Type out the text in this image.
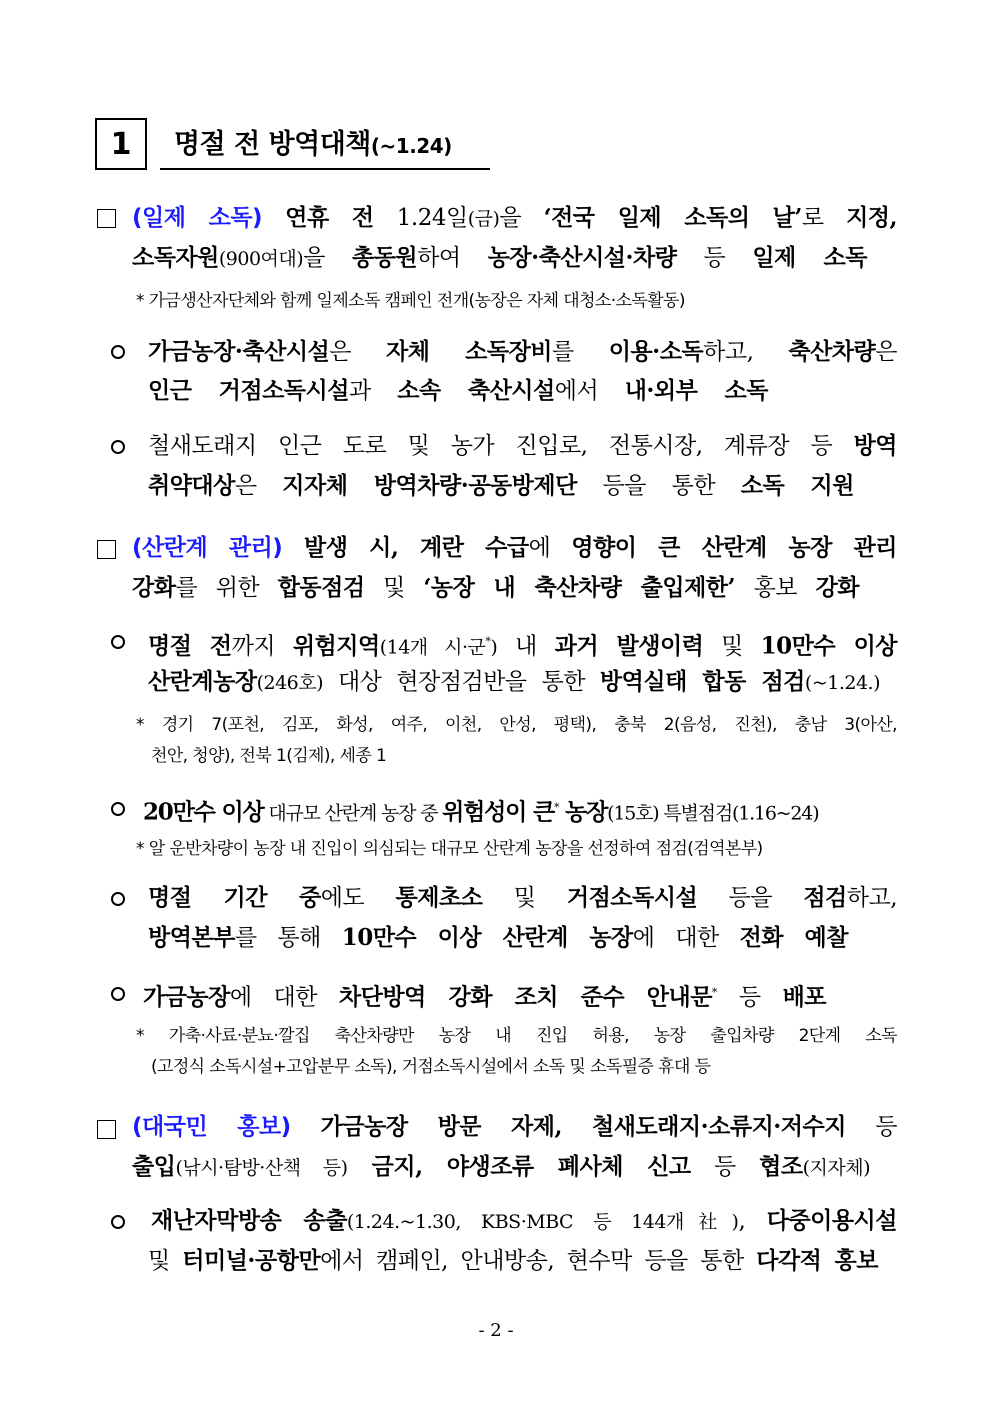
1	명절 전 방역대책(~1.24)
(일제 소독) 연휴 전 1.24일(금)을 ‘전국 일제 소독의 날’로 지정,
소독자원(900여대)을 총동원하여 농장·축산시설·차량 등 일제 소독
* 가금생산자단체와 함께 일제소독 캠페인 전개(농장은 자체 대청소·소독활동)
가금농장·축산시설은 자체 소독장비를 이용·소독하고, 축산차량은
인근 거점소독시설과 소속 축산시설에서 내·외부 소독
철새도래지 인근 도로 및 농가 진입로, 전통시장, 계류장 등 방역
취약대상은 지자체 방역차량·공동방제단 등을 통한 소독 지원
(산란계 관리) 발생 시, 계란 수급에 영향이 큰 산란계 농장 관리
강화를 위한 합동점검 및 ‘농장 내 축산차량 출입제한’ 홍보 강화
명절 전까지 위험지역(14개 시·군*) 내 과거 발생이력 및 10만수 이상
산란계농장(246호) 대상 현장점검반을 통한 방역실태 합동 점검(~1.24.)
* 경기 7(포천, 김포, 화성, 여주, 이천, 안성, 평택), 충북 2(음성, 진천), 충남 3(아산,
천안, 청양), 전북 1(김제), 세종 1
20만수 이상 대규모 산란계 농장 중 위험성이 큰* 농장(15호) 특별점검(1.16~24)
* 알 운반차량이 농장 내 진입이 의심되는 대규모 산란계 농장을 선정하여 점검(검역본부)
명절 기간 중에도 통제초소 및 거점소독시설 등을 점검하고,
방역본부를 통해 10만수 이상 산란계 농장에 대한 전화 예찰
가금농장에 대한 차단방역 강화 조치 준수 안내문* 등 배포
* 가축·사료·분뇨·깔집 축산차량만 농장 내 진입 허용, 농장 출입차량 2단계 소독
(고정식 소독시설+고압분무 소독), 거점소독시설에서 소독 및 소독필증 휴대 등
(대국민 홍보) 가금농장 방문 자제, 철새도래지·소류지·저수지 등
출입(낚시·탐방·산책 등) 금지, 야생조류 폐사체 신고 등 협조(지자체)
재난자막방송 송출(1.24.~1.30, KBS·MBC 등 144개社), 다중이용시설
및 터미널·공항만에서 캠페인, 안내방송, 현수막 등을 통한 다각적 홍보
- 2 -
